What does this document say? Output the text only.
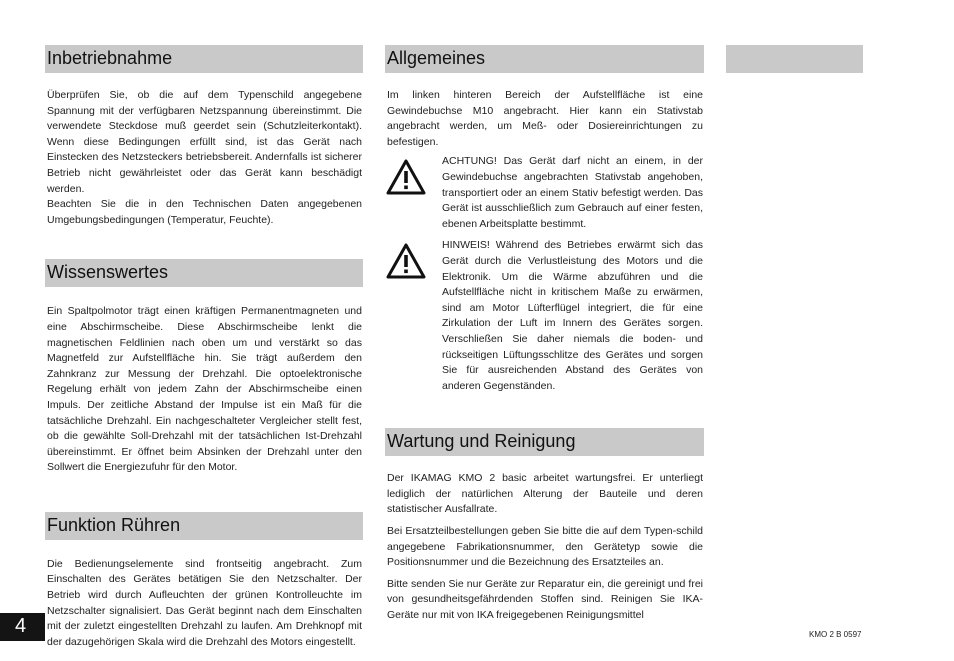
Inbetriebnahme

Überprüfen Sie, ob die auf dem Typenschild angegebene Spannung mit der verfügbaren Netzspannung übereinstimmt. Die verwendete Steckdose muß geerdet sein (Schutzleiterkontakt). Wenn diese Bedingungen erfüllt sind, ist das Gerät nach Einstecken des Netzsteckers betriebsbereit. Andernfalls ist sicherer Betrieb nicht gewährleistet oder das Gerät kann beschädigt werden.

Beachten Sie die in den Technischen Daten angegebenen Umgebungsbedingungen (Temperatur, Feuchte).

Wissenswertes

Ein Spaltpolmotor trägt einen kräftigen Permanentmagneten und eine Abschirmscheibe. Diese Abschirmscheibe lenkt die magnetischen Feldlinien nach oben um und verstärkt so das Magnetfeld zur Aufstellfläche hin. Sie trägt außerdem den Zahnkranz zur Messung der Drehzahl. Die optoelektronische Regelung erhält von jedem Zahn der Abschirmscheibe einen Impuls. Der zeitliche Abstand der Impulse ist ein Maß für die tatsächliche Drehzahl. Ein nachgeschalteter Vergleicher stellt fest, ob die gewählte Soll-Drehzahl mit der tatsächlichen Ist-Drehzahl übereinstimmt. Er öffnet beim Absinken der Drehzahl unter den Sollwert die Energiezufuhr für den Motor.

Funktion Rühren

Die Bedienungselemente sind frontseitig angebracht. Zum Einschalten des Gerätes betätigen Sie den Netzschalter. Der Betrieb wird durch Aufleuchten der grünen Kontrolleuchte im Netzschalter signalisiert. Das Gerät beginnt nach dem Einschalten mit der zuletzt eingestellten Drehzahl zu laufen. Am Drehknopf mit der dazugehörigen Skala wird die Drehzahl des Motors eingestellt.

Allgemeines

Im linken hinteren Bereich der Aufstellfläche ist eine Gewindebuchse M10 angebracht. Hier kann ein Stativstab angebracht werden, um Meß- oder Dosiereinrichtungen zu befestigen.

ACHTUNG! Das Gerät darf nicht an einem, in der Gewindebuchse angebrachten Stativstab angehoben, transportiert oder an einem Stativ befestigt werden. Das Gerät ist ausschließlich zum Gebrauch auf einer festen, ebenen Arbeitsplatte bestimmt.

HINWEIS! Während des Betriebes erwärmt sich das Gerät durch die Verlustleistung des Motors und die Elektronik. Um die Wärme abzuführen und die Aufstellfläche nicht in kritischem Maße zu erwärmen, sind am Motor Lüfterflügel integriert, die für eine Zirkulation der Luft im Innern des Gerätes sorgen. Verschließen Sie daher niemals die boden- und rückseitigen Lüftungsschlitze des Gerätes und sorgen Sie für ausreichenden Abstand des Gerätes von anderen Gegenständen.

Wartung und Reinigung

Der IKAMAG KMO 2 basic arbeitet wartungsfrei. Er unterliegt lediglich der natürlichen Alterung der Bauteile und deren statistischer Ausfallrate.

Bei Ersatzteilbestellungen geben Sie bitte die auf dem Typen-schild angegebene Fabrikationsnummer, den Gerätetyp sowie die Positionsnummer und die Bezeichnung des Ersatzteiles an.

Bitte senden Sie nur Geräte zur Reparatur ein, die gereinigt und frei von gesundheitsgefährdenden Stoffen sind. Reinigen Sie IKA-Geräte nur mit von IKA freigegebenen Reinigungsmittel

4	KMO 2 B 0597
